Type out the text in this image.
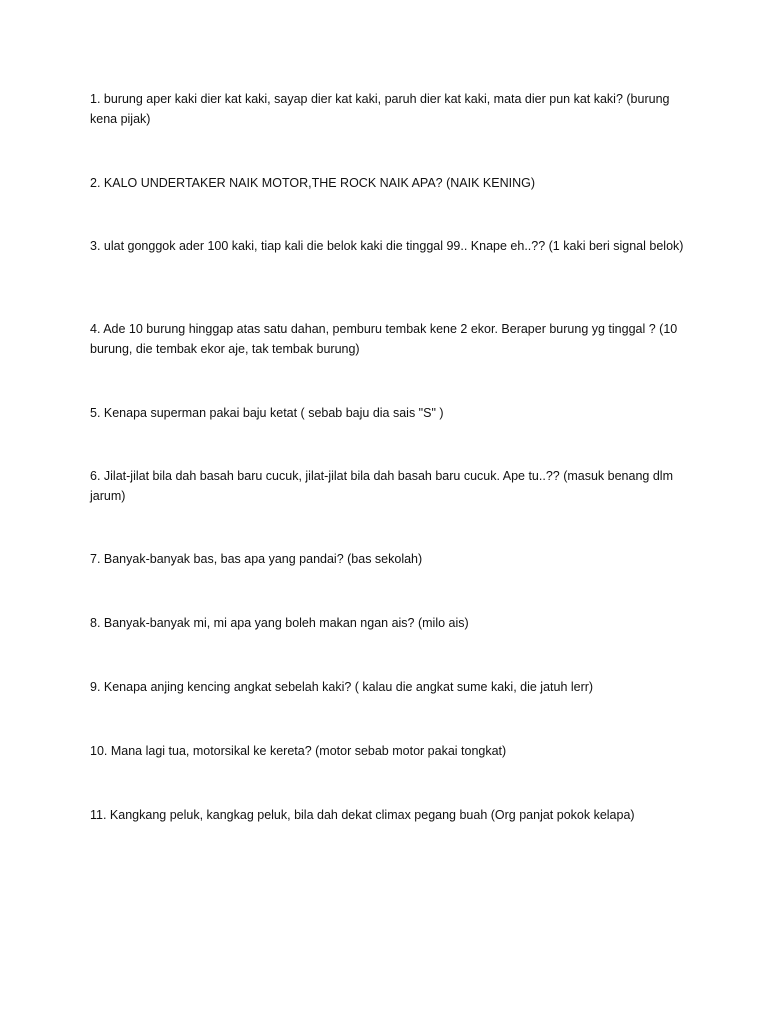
1. burung aper kaki dier kat kaki, sayap dier kat kaki, paruh dier kat kaki, mata dier pun kat kaki? (burung kena pijak)
2. KALO UNDERTAKER NAIK MOTOR,THE ROCK NAIK APA? (NAIK KENING)
3. ulat gonggok ader 100 kaki, tiap kali die belok kaki die tinggal 99.. Knape eh..?? (1 kaki beri signal belok)
4. Ade 10 burung hinggap atas satu dahan, pemburu tembak kene 2 ekor. Beraper burung yg tinggal ? (10 burung, die tembak ekor aje, tak tembak burung)
5. Kenapa superman pakai baju ketat ( sebab baju dia sais "S" )
6. Jilat-jilat bila dah basah baru cucuk, jilat-jilat bila dah basah baru cucuk. Ape tu..?? (masuk benang dlm jarum)
7. Banyak-banyak bas, bas apa yang pandai? (bas sekolah)
8. Banyak-banyak mi, mi apa yang boleh makan ngan ais? (milo ais)
9. Kenapa anjing kencing angkat sebelah kaki? ( kalau die angkat sume kaki, die jatuh lerr)
10. Mana lagi tua, motorsikal ke kereta? (motor sebab motor pakai tongkat)
11. Kangkang peluk, kangkag peluk, bila dah dekat climax pegang buah (Org panjat pokok kelapa)
